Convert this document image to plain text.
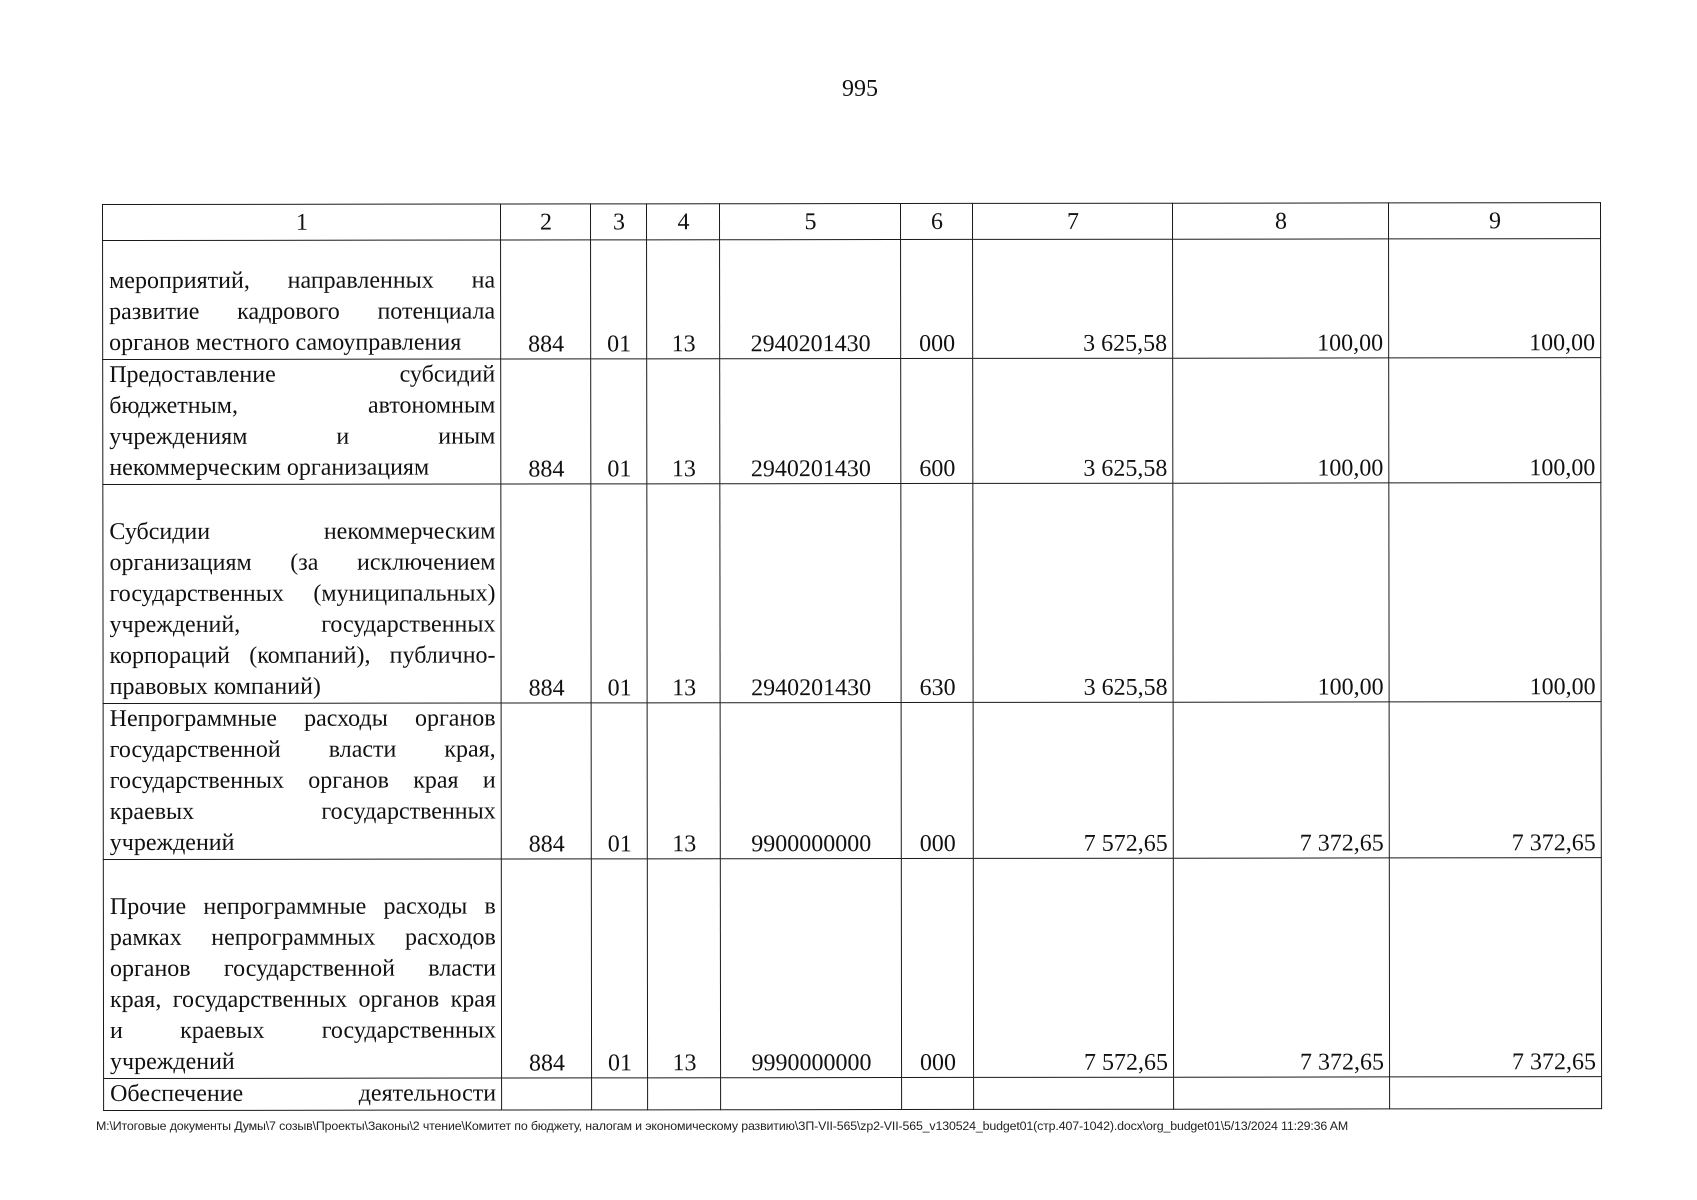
995
1	2	3	4	5	6	7	8	9
мероприятий, направленных на развитие кадрового потенциала органов местного самоуправления	884	01	13	2940201430	000	3 625,58	100,00	100,00
Предоставление субсидий бюджетным, автономным учреждениям и иным некоммерческим организациям	884	01	13	2940201430	600	3 625,58	100,00	100,00
Субсидии некоммерческим организациям (за исключением государственных (муниципальных) учреждений, государственных корпораций (компаний), публично-правовых компаний)	884	01	13	2940201430	630	3 625,58	100,00	100,00
Непрограммные расходы органов государственной власти края, государственных органов края и краевых государственных учреждений	884	01	13	9900000000	000	7 572,65	7 372,65	7 372,65
Прочие непрограммные расходы в рамках непрограммных расходов органов государственной власти края, государственных органов края и краевых государственных учреждений	884	01	13	9990000000	000	7 572,65	7 372,65	7 372,65
Обеспечение деятельности								
М:\Итоговые документы Думы\7 созыв\Проекты\Законы\2 чтение\Комитет по бюджету, налогам и экономическому развитию\ЗП-VII-565\zp2-VII-565_v130524_budget01(стр.407-1042).docx\org_budget01\5/13/2024 11:29:36 AM
